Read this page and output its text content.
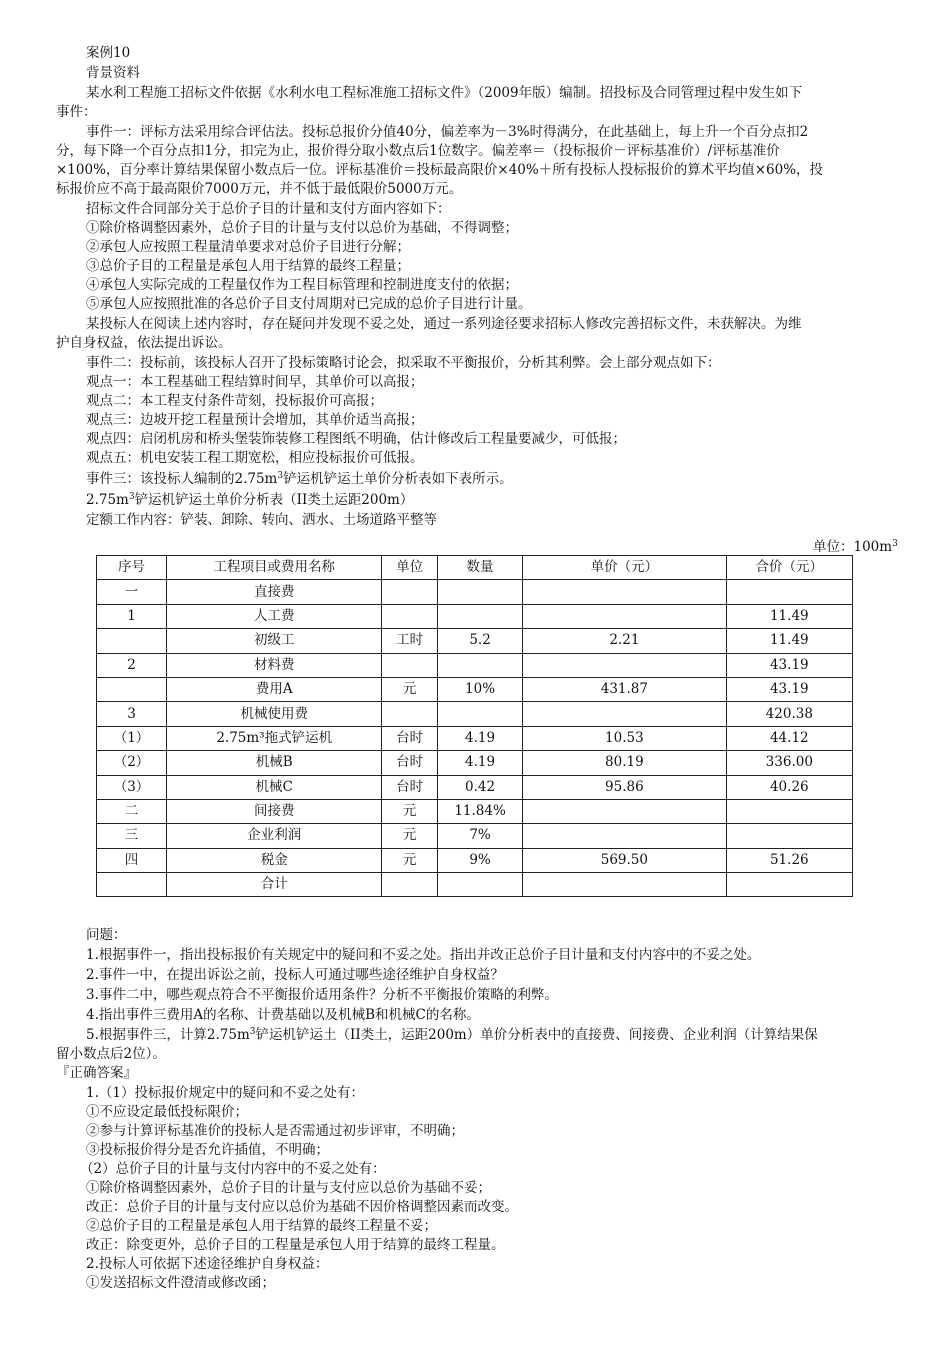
案例10
背景资料
某水利工程施工招标文件依据《水利水电工程标准施工招标文件》（2009年版）编制。招投标及合同管理过程中发生如下
事件：
事件一：评标方法采用综合评估法。投标总报价分值40分，偏差率为－3%时得满分，在此基础上，每上升一个百分点扣2
分，每下降一个百分点扣1分，扣完为止，报价得分取小数点后1位数字。偏差率＝（投标报价－评标基准价）/评标基准价
×100%，百分率计算结果保留小数点后一位。评标基准价＝投标最高限价×40%＋所有投标人投标报价的算术平均值×60%，投
标报价应不高于最高限价7000万元，并不低于最低限价5000万元。
招标文件合同部分关于总价子目的计量和支付方面内容如下：
①除价格调整因素外，总价子目的计量与支付以总价为基础，不得调整；
②承包人应按照工程量清单要求对总价子目进行分解；
③总价子目的工程量是承包人用于结算的最终工程量；
④承包人实际完成的工程量仅作为工程目标管理和控制进度支付的依据；
⑤承包人应按照批准的各总价子目支付周期对已完成的总价子目进行计量。
某投标人在阅读上述内容时，存在疑问并发现不妥之处，通过一系列途径要求招标人修改完善招标文件，未获解决。为维
护自身权益，依法提出诉讼。
事件二：投标前，该投标人召开了投标策略讨论会，拟采取不平衡报价，分析其利弊。会上部分观点如下：
观点一：本工程基础工程结算时间早，其单价可以高报；
观点二：本工程支付条件苛刻，投标报价可高报；
观点三：边坡开挖工程量预计会增加，其单价适当高报；
观点四：启闭机房和桥头堡装饰装修工程图纸不明确，估计修改后工程量要减少，可低报；
观点五：机电安装工程工期宽松，相应投标报价可低报。
事件三：该投标人编制的$2.75m^3$铲运机铲运土单价分析表如下表所示。
$2.75m^3$铲运机铲运土单价分析表（II类土运距200m）
定额工作内容：铲装、卸除、转向、洒水、土场道路平整等
单位：$100m^3$
序号	工程项目或费用名称	单位	数量	单价（元）	合价（元）
一	直接费				
1	人工费				11.49
	初级工	工时	5.2	2.21	11.49
2	材料费				43.19
	费用A	元	10%	431.87	43.19
3	机械使用费				420.38
（1）	2.75m³拖式铲运机	台时	4.19	10.53	44.12
（2）	机械B	台时	4.19	80.19	336.00
（3）	机械C	台时	0.42	95.86	40.26
二	间接费	元	11.84%		
三	企业利润	元	7%		
四	税金	元	9%	569.50	51.26
	合计				
问题：
1.根据事件一，指出投标报价有关规定中的疑问和不妥之处。指出并改正总价子目计量和支付内容中的不妥之处。
2.事件一中，在提出诉讼之前，投标人可通过哪些途径维护自身权益？
3.事件二中，哪些观点符合不平衡报价适用条件？分析不平衡报价策略的利弊。
4.指出事件三费用A的名称、计费基础以及机械B和机械C的名称。
5.根据事件三，计算$2.75m^3$铲运机铲运土（II类土，运距200m）单价分析表中的直接费、间接费、企业利润（计算结果保
留小数点后2位）。
『正确答案』
1.（1）投标报价规定中的疑问和不妥之处有：
①不应设定最低投标限价；
②参与计算评标基准价的投标人是否需通过初步评审，不明确；
③投标报价得分是否允许插值，不明确；
（2）总价子目的计量与支付内容中的不妥之处有：
①除价格调整因素外，总价子目的计量与支付应以总价为基础不妥；
改正：总价子目的计量与支付应以总价为基础不因价格调整因素而改变。
②总价子目的工程量是承包人用于结算的最终工程量不妥；
改正：除变更外，总价子目的工程量是承包人用于结算的最终工程量。
2.投标人可依据下述途径维护自身权益：
①发送招标文件澄清或修改函；
